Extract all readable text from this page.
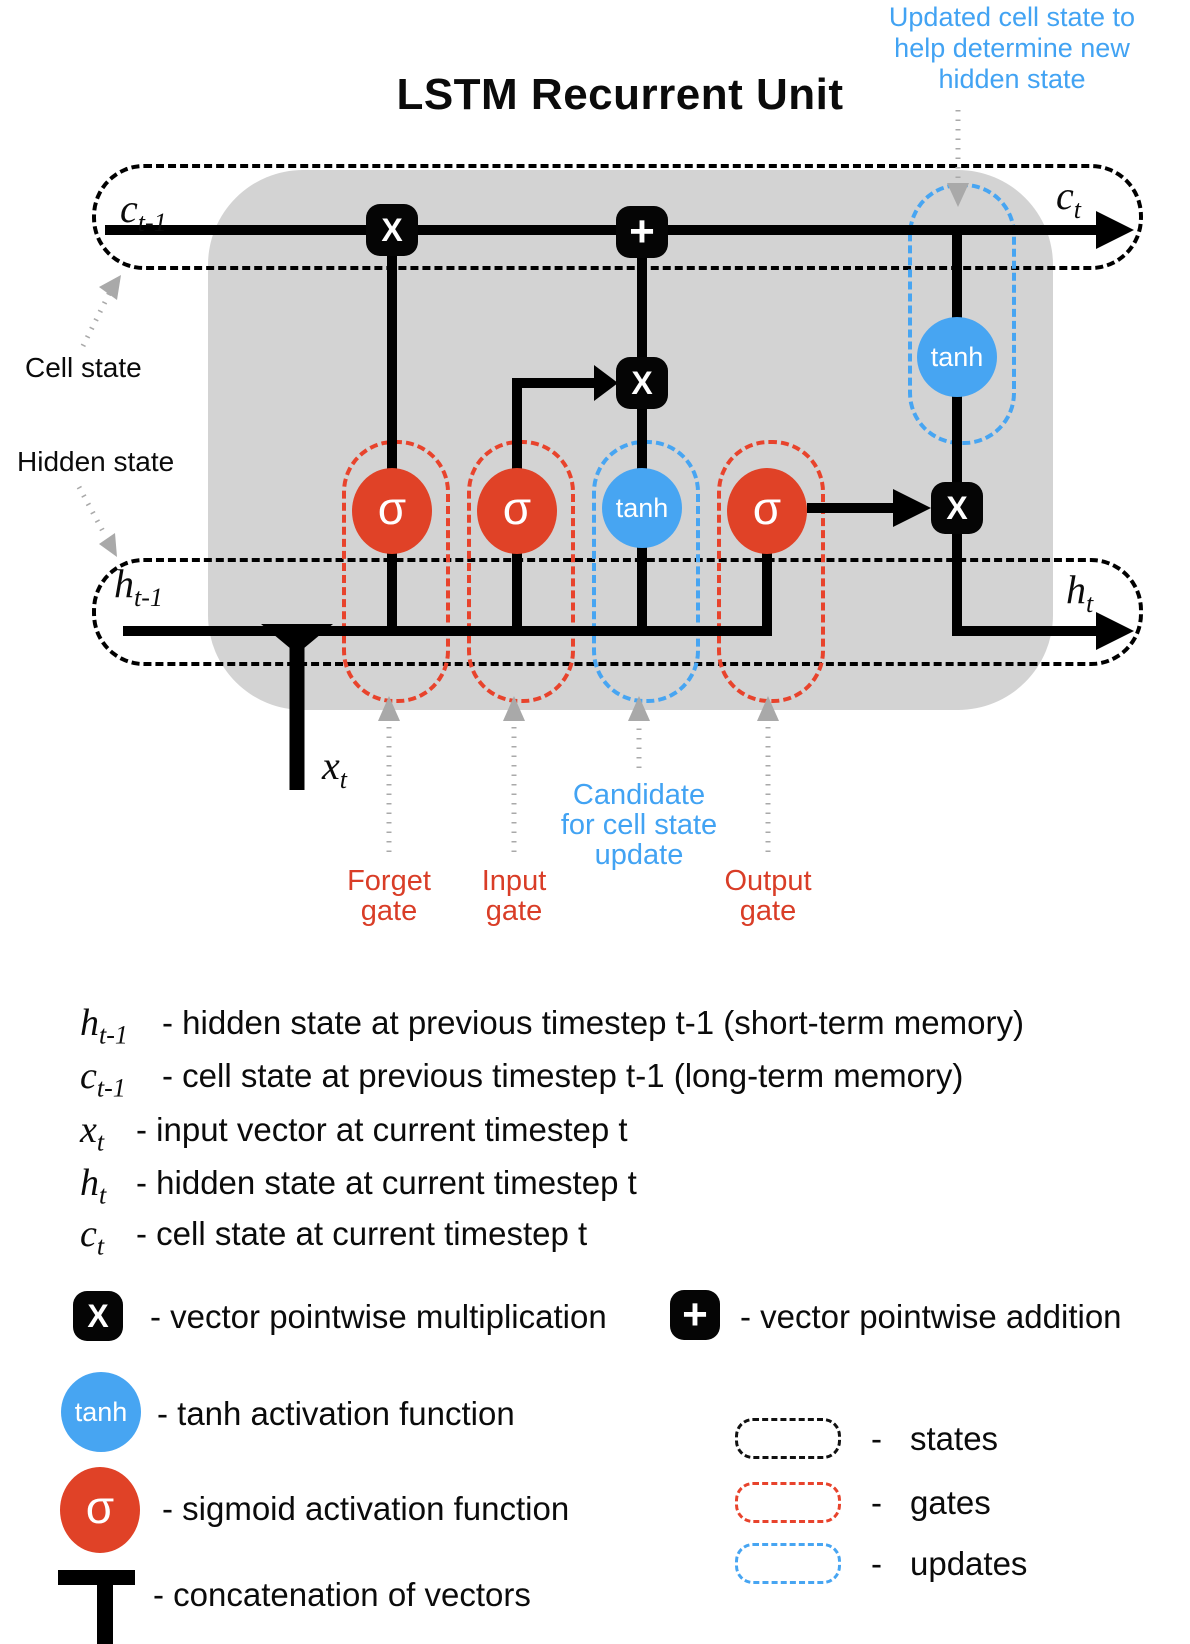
LSTM Recurrent Unit
Updated cell state to
help determine new
hidden state
X	+
X
X
σ	σ	tanh	σ
tanh
$c_{t-1}$
$c_t$
$h_{t-1}$	$h_t$
$x_t$
Cell state
Hidden state
Forget
gate
Input
gate
Candidate
for cell state
update
Output
gate
$h_{t-1}$	- hidden state at previous timestep t-1 (short-term memory)
$c_{t-1}$	- cell state at previous timestep t-1 (long-term memory)
$x_t$ - input vector at current timestep t
$h_t$ - hidden state at current timestep t
$c_t$ - cell state at current timestep t
X	- vector pointwise multiplication + - vector pointwise addition
tanh - tanh activation function
σ	- sigmoid activation function
- concatenation of vectors
- states
- gates
- updates
